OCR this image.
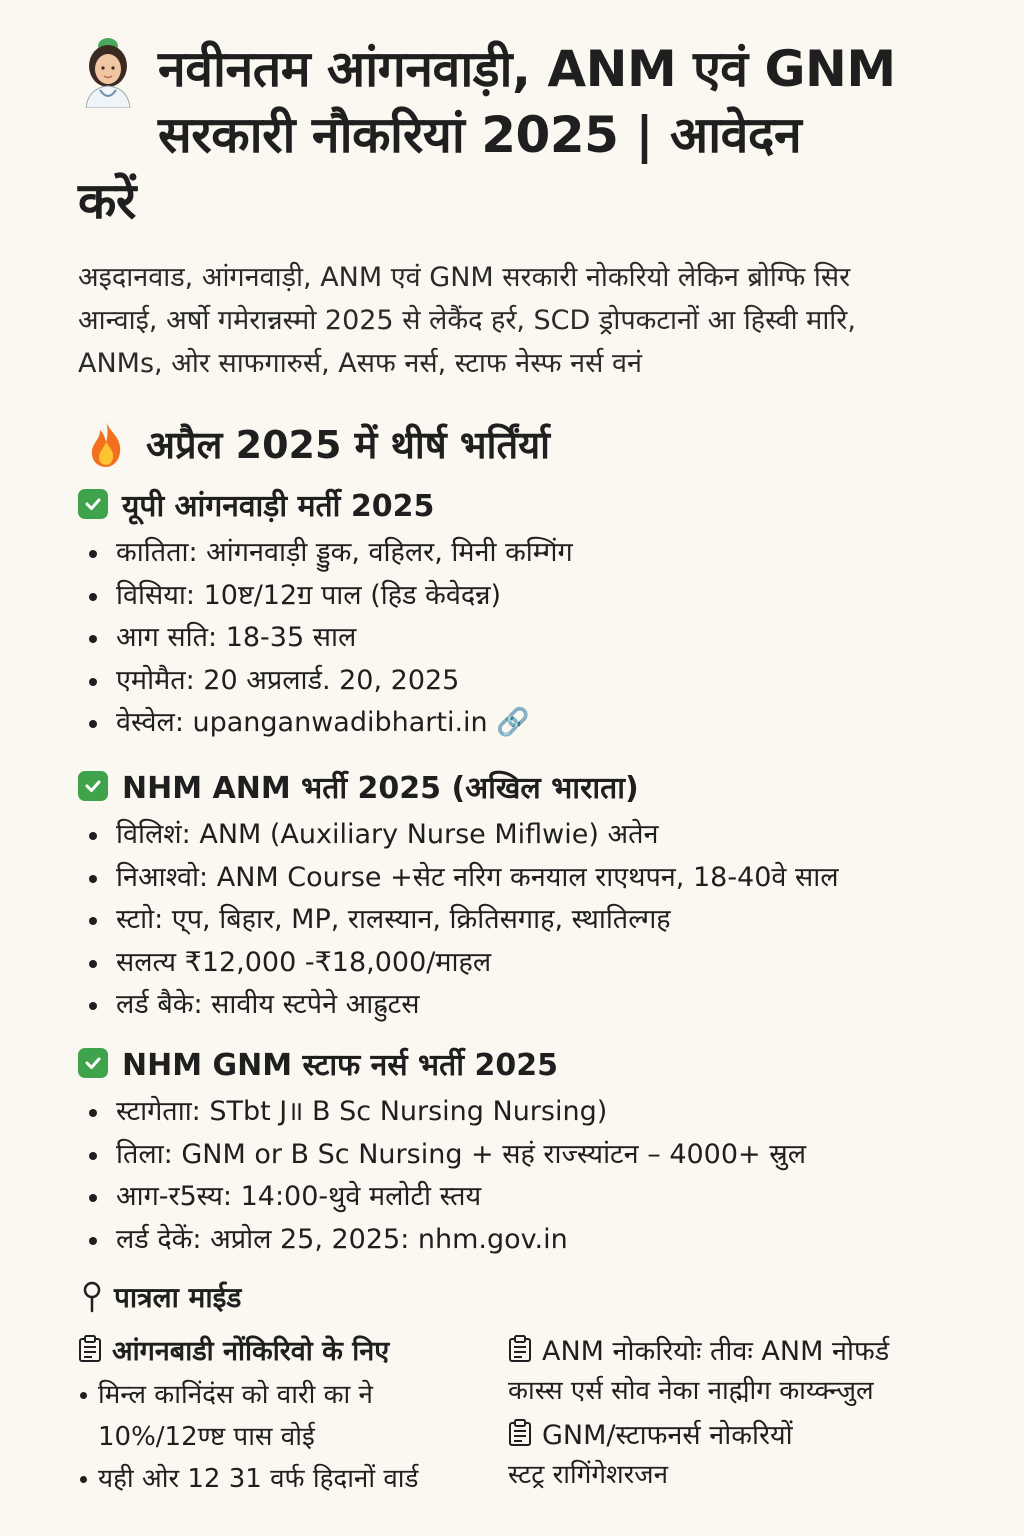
नवीनतम आंगनवाड़ी, ANM एवं GNM
सरकारी नौकरियां 2025 | आवेदन
करें
अइदानवाड, आंगनवाड़ी, ANM एवं GNM सरकारी नोकरियो लेकिन ब्रोग्फि सिर
आन्वाई, अर्षो गमेरान्नस्मो 2025 से लेकैंद हर्र, SCD ड्रोपकटानों आ हिस्वी मारि,
ANMs, ओर साफगारुर्स, Aसफ नर्स, स्टाफ नेस्फ नर्स वनं
अप्रैल 2025 में थीर्ष भर्तिंर्या
यूपी आंगनवाड़ी मर्ती 2025
कातिता: आंगनवाड़ी ड्डुक, वहिलर, मिनी कम्गिंग
विसिया: 10ष्ट/12ॻ पाल (हिड केवेदन्न)
आग सति: 18-35 साल
एमोमैत: 20 अप्रलार्ड. 20, 2025
वेस्वेल: upanganwadibharti.in 🔗
NHM ANM भर्ती 2025 (अखिल भाराता)
विलिशं: ANM (Auxiliary Nurse Miflwie) अतेन
निआश्वो: ANM Course +सेट नरिग कनयाल राएथपन, 18-40वे साल
स्टाो: ए्प, बिहार, MP, रालस्यान, क्रितिसगाह, स्थातिल्गह
सलत्य ₹12,000 -₹18,000/माहल
लर्ड बैके: सावीय स्टपेने आह्रुटस
NHM GNM स्टाफ नर्स भर्ती 2025
स्टागेताा: STbt J॥ B Sc Nursing Nursing)
तिला: GNM or B Sc Nursing + सहं राज्स्यांटन – 4000+ स्रुल
आग-र5स्य: 14:00-थुवे मलोटी स्तय
लर्ड देकें: अप्रोल 25, 2025: nhm.gov.in
पात्रला माईड
आंगनबाडी नोंकिरिवो के निए
मिन्ल कानिंदंस को वारी का ने 10%/12ण्ष्ट पास वोई
यही ओर 12 31 वर्फ हिदानों वार्ड
ANM नोकरियोः तीवः ANM नोफर्ड
कास्स एर्स सोव नेका नाह्मीग काय्क्न्जुल
GNM/स्टाफनर्स नोकरियों
स्टट्र रागिंगेशरजन
